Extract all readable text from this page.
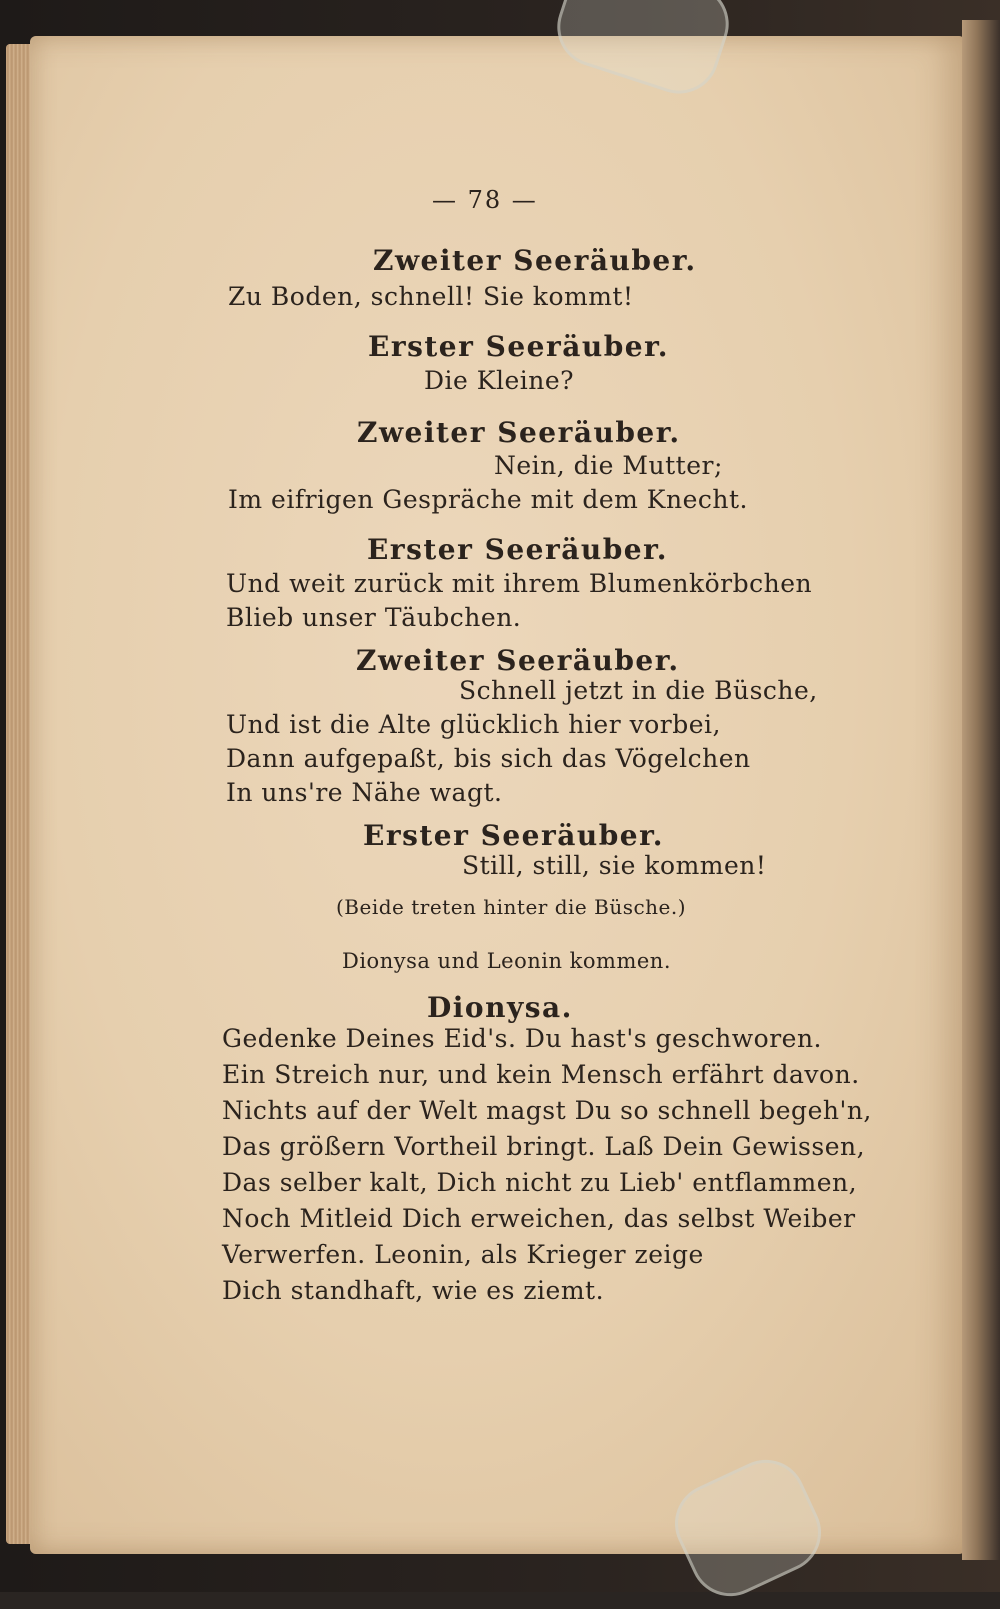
— 78 —
Zweiter Seeräuber.
Zu Boden, schnell! Sie kommt!
Erster Seeräuber.
Die Kleine?
Zweiter Seeräuber.
Nein, die Mutter;
Im eifrigen Gespräche mit dem Knecht.
Erster Seeräuber.
Und weit zurück mit ihrem Blumenkörbchen
Blieb unser Täubchen.
Zweiter Seeräuber.
Schnell jetzt in die Büsche,
Und ist die Alte glücklich hier vorbei,
Dann aufgepaßt, bis sich das Vögelchen
In uns're Nähe wagt.
Erster Seeräuber.
Still, still, sie kommen!
(Beide treten hinter die Büsche.)
Dionysa und Leonin kommen.
Dionysa.
Gedenke Deines Eid's. Du hast's geschworen.
Ein Streich nur, und kein Mensch erfährt davon.
Nichts auf der Welt magst Du so schnell begeh'n,
Das größern Vortheil bringt. Laß Dein Gewissen,
Das selber kalt, Dich nicht zu Lieb' entflammen,
Noch Mitleid Dich erweichen, das selbst Weiber
Verwerfen. Leonin, als Krieger zeige
Dich standhaft, wie es ziemt.
